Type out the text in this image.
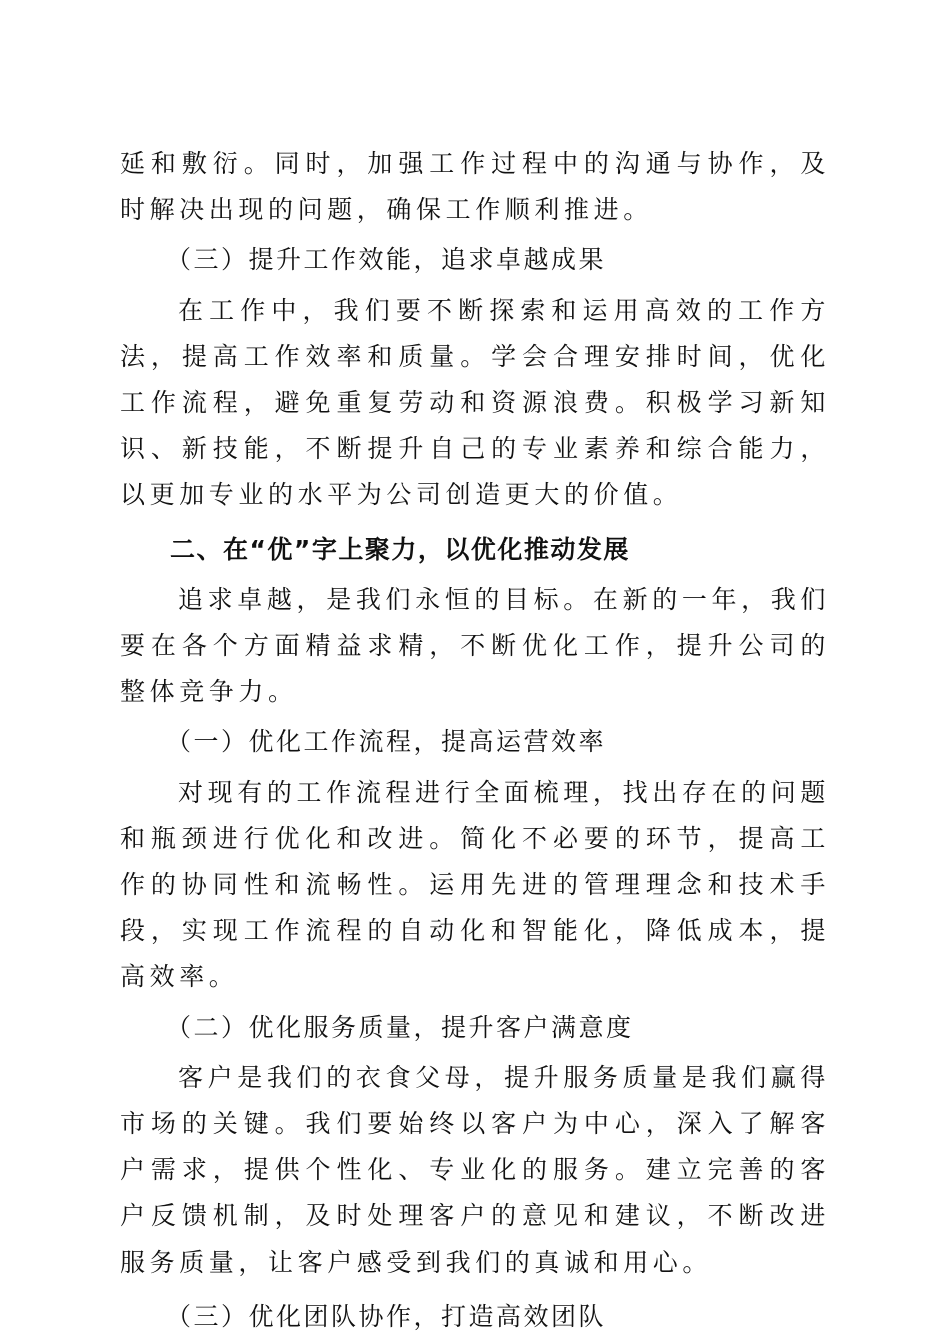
延和敷衍。同时，加强工作过程中的沟通与协作，及时解决出现的问题，确保工作顺利推进。

（三）提升工作效能，追求卓越成果

在工作中，我们要不断探索和运用高效的工作方法，提高工作效率和质量。学会合理安排时间，优化工作流程，避免重复劳动和资源浪费。积极学习新知识、新技能，不断提升自己的专业素养和综合能力，以更加专业的水平为公司创造更大的价值。

二、在“优”字上聚力，以优化推动发展

追求卓越，是我们永恒的目标。在新的一年，我们要在各个方面精益求精，不断优化工作，提升公司的整体竞争力。

（一）优化工作流程，提高运营效率

对现有的工作流程进行全面梳理，找出存在的问题和瓶颈进行优化和改进。简化不必要的环节，提高工作的协同性和流畅性。运用先进的管理理念和技术手段，实现工作流程的自动化和智能化，降低成本，提高效率。

（二）优化服务质量，提升客户满意度

客户是我们的衣食父母，提升服务质量是我们赢得市场的关键。我们要始终以客户为中心，深入了解客户需求，提供个性化、专业化的服务。建立完善的客户反馈机制，及时处理客户的意见和建议，不断改进服务质量，让客户感受到我们的真诚和用心。

（三）优化团队协作，打造高效团队
